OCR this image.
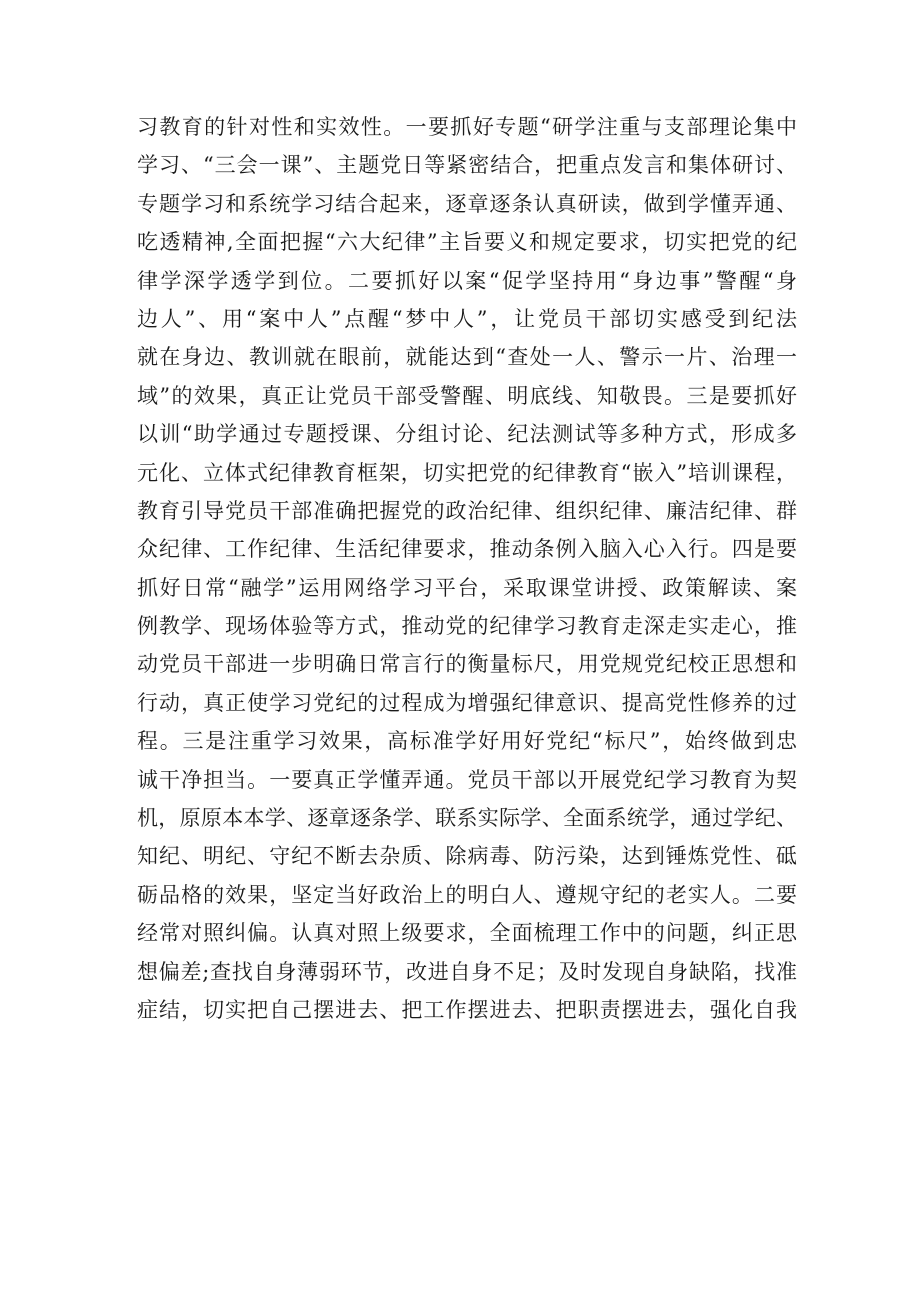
习教育的针对性和实效性。一要抓好专题“研学注重与支部理论集中
学习、“三会一课”、主题党日等紧密结合，把重点发言和集体研讨、
专题学习和系统学习结合起来，逐章逐条认真研读，做到学懂弄通、
吃透精神,全面把握“六大纪律”主旨要义和规定要求，切实把党的纪
律学深学透学到位。二要抓好以案“促学坚持用“身边事”警醒“身
边人”、用“案中人”点醒“梦中人”，让党员干部切实感受到纪法
就在身边、教训就在眼前，就能达到“查处一人、警示一片、治理一
域”的效果，真正让党员干部受警醒、明底线、知敬畏。三是要抓好
以训“助学通过专题授课、分组讨论、纪法测试等多种方式，形成多
元化、立体式纪律教育框架，切实把党的纪律教育“嵌入”培训课程，
教育引导党员干部准确把握党的政治纪律、组织纪律、廉洁纪律、群
众纪律、工作纪律、生活纪律要求，推动条例入脑入心入行。四是要
抓好日常“融学”运用网络学习平台，采取课堂讲授、政策解读、案
例教学、现场体验等方式，推动党的纪律学习教育走深走实走心，推
动党员干部进一步明确日常言行的衡量标尺，用党规党纪校正思想和
行动，真正使学习党纪的过程成为增强纪律意识、提高党性修养的过
程。三是注重学习效果，高标准学好用好党纪“标尺”，始终做到忠
诚干净担当。一要真正学懂弄通。党员干部以开展党纪学习教育为契
机，原原本本学、逐章逐条学、联系实际学、全面系统学，通过学纪、
知纪、明纪、守纪不断去杂质、除病毒、防污染，达到锤炼党性、砥
砺品格的效果，坚定当好政治上的明白人、遵规守纪的老实人。二要
经常对照纠偏。认真对照上级要求，全面梳理工作中的问题，纠正思
想偏差;查找自身薄弱环节，改进自身不足；及时发现自身缺陷，找准
症结，切实把自己摆进去、把工作摆进去、把职责摆进去，强化自我
